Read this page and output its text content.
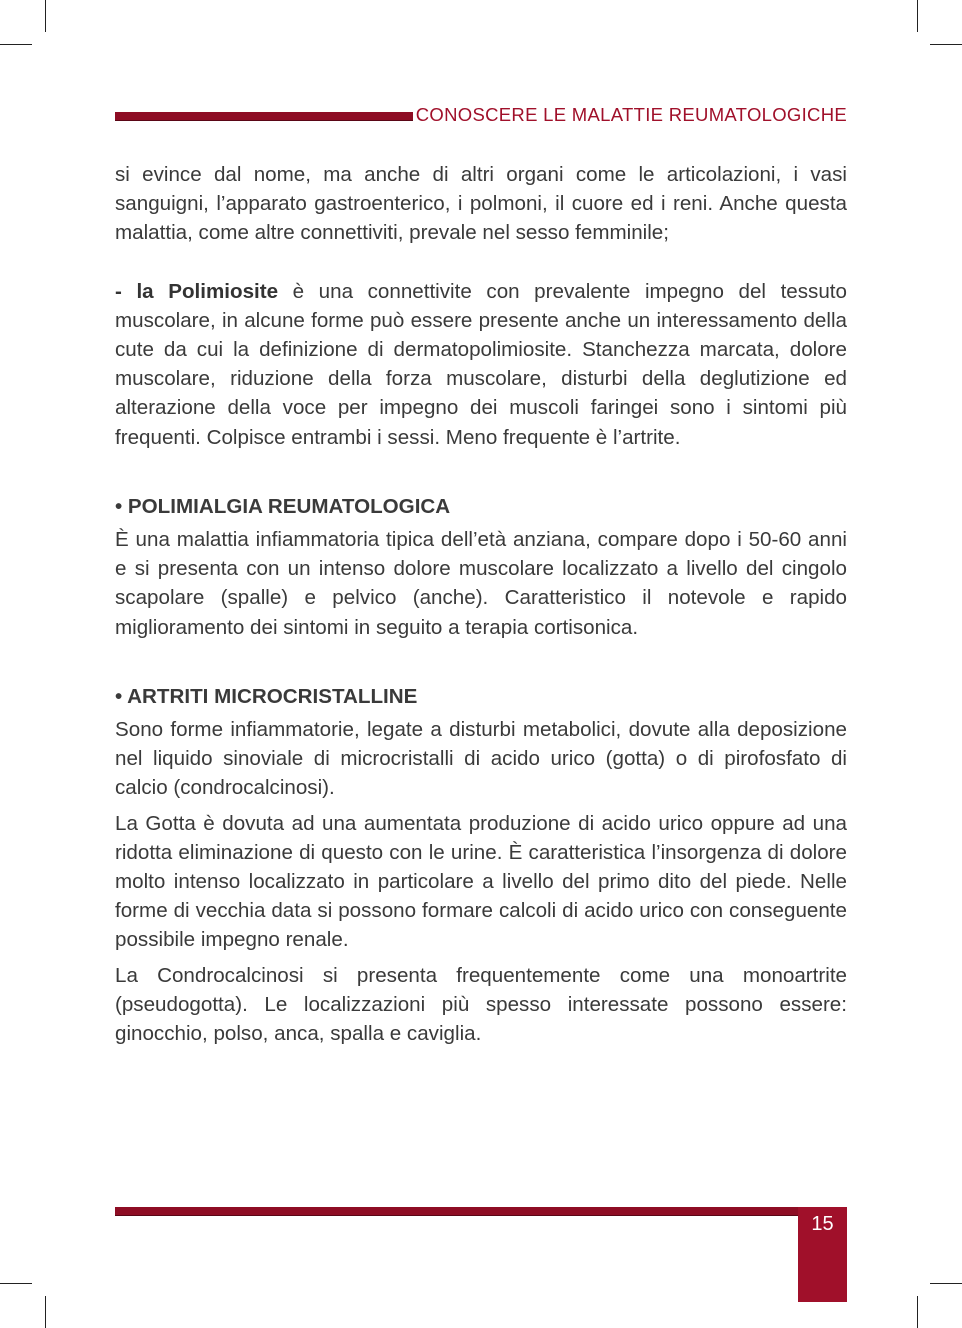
CONOSCERE LE MALATTIE REUMATOLOGICHE

si evince dal nome, ma anche di altri organi come le articolazioni, i vasi sanguigni, l’apparato gastroenterico, i polmoni, il cuore ed i reni. Anche questa malattia, come altre connettiviti, prevale nel sesso femminile;

- la Polimiosite è una connettivite con prevalente impegno del tessuto muscolare, in alcune forme può essere presente anche un interessamento della cute da cui la definizione di dermatopolimiosite. Stanchezza marcata, dolore muscolare, riduzione della forza muscolare, disturbi della deglutizione ed alterazione della voce per impegno dei muscoli faringei sono i sintomi più frequenti. Colpisce entrambi i sessi. Meno frequente è l’artrite.

• POLIMIALGIA REUMATOLOGICA

È una malattia infiammatoria tipica dell’età anziana, compare dopo i 50-60 anni e si presenta con un intenso dolore muscolare localizzato a livello del cingolo scapolare (spalle) e pelvico (anche). Caratteristico il notevole e rapido miglioramento dei sintomi in seguito a terapia cortisonica.

• ARTRITI MICROCRISTALLINE

Sono forme infiammatorie, legate a disturbi metabolici, dovute alla deposizione nel liquido sinoviale di microcristalli di acido urico (gotta) o di pirofosfato di calcio (condrocalcinosi).

La Gotta è dovuta ad una aumentata produzione di acido urico oppure ad una ridotta eliminazione di questo con le urine. È caratteristica l’insorgenza di dolore molto intenso localizzato in particolare a livello del primo dito del piede. Nelle forme di vecchia data si possono formare calcoli di acido urico con conseguente possibile impegno renale.

La Condrocalcinosi si presenta frequentemente come una monoartrite (pseudogotta). Le localizzazioni più spesso interessate possono essere: ginocchio, polso, anca, spalla e caviglia.

15
